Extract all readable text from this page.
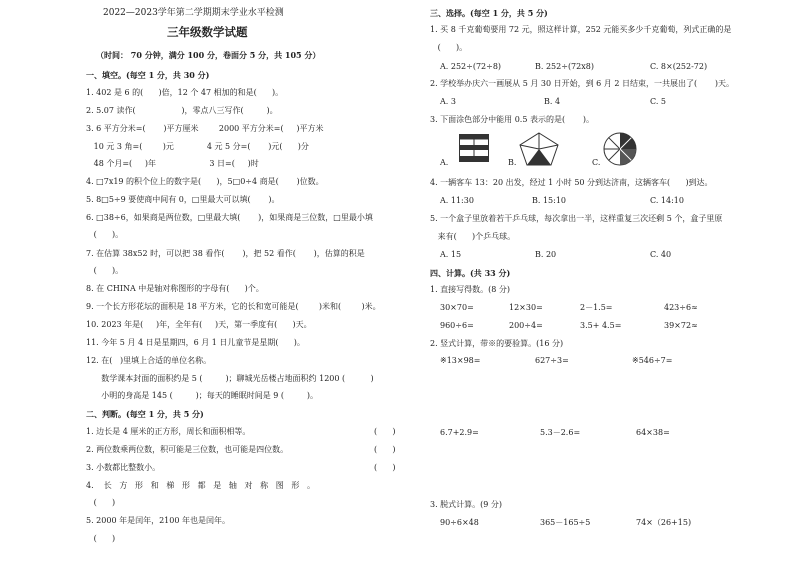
2022—2023学年第二学期期末学业水平检测
三年级数学试题
（时间： 70 分钟，满分 100 分，卷面分 5 分，共 105 分）
一、填空。(每空 1 分，共 30 分)
1. 402 是 6 的(      )倍，12 个 47 相加的和是(      )。
2. 5.07 读作(                  )，零点八三写作(         )。
3. 6 平方分米=(       )平方厘米        2000 平方分米=(     )平方米
10 元 3 角=(        )元             4 元 5 分=(       )元(      )分
48 个月=(     )年                     3 日=(     )时
4. □7x19 的积个位上的数字是(      )，5□0÷4 商是(       )位数。
5. 8□5÷9 要使商中间有 0，□里最大可以填(       )。
6. □38÷6，如果商是两位数，□里最大填(       )，如果商是三位数，□里最小填
(      )。
7. 在估算 38x52 时，可以把 38 看作(       )，把 52 看作(       )，估算的积是
(      )。
8. 在 CHINA 中是轴对称图形的字母有(      )个。
9. 一个长方形花坛的面积是 18 平方米，它的长和宽可能是(        )米和(        )米。
10. 2023 年是(     )年，全年有(     )天，第一季度有(      )天。
11. 今年 5 月 4 日是星期四，6 月 1 日儿童节是星期(      )。
12. 在(   )里填上合适的单位名称。
数学课本封面的面积约是 5 (         )；聊城光岳楼占地面积约 1200 (          )
小明的身高是 145 (         )；每天的睡眠时间是 9 (         )。
二、判断。(每空 1 分，共 5 分)
1. 边长是 4 厘米的正方形，周长和面积相等。	(      )
2. 两位数乘两位数，积可能是三位数，也可能是四位数。	(      )
3. 小数都比整数小。	(      )
4.    长   方   形   和   梯   形   都   是   轴   对   称   图   形   。
(      )
5. 2000 年是闰年，2100 年也是闰年。
(      )
三、选择。(每空 1 分，共 5 分)
1. 买 8 千克葡萄要用 72 元，照这样计算，252 元能买多少千克葡萄，列式正确的是
(      )。
A. 252÷(72÷8)	B. 252÷(72x8)	C. 8×(252-72)
2. 学校举办庆六一画展从 5 月 30 日开始，到 6 月 2 日结束，一共展出了(       )天。
A. 3	B. 4	C. 5
3. 下面涂色部分中能用 0.5 表示的是(       )。
A.	B.	C.
4. 一辆客车 13：20 出发，经过 1 小时 50 分到达济南，这辆客车(      )到达。
A. 11:30	B. 15:10	C. 14:10
5. 一个盒子里放着若干乒乓球，每次拿出一半，这样重复三次还剩 5 个，盒子里原
来有(      )个乒乓球。
A. 15	B. 20	C. 40
四、计算。(共 33 分)
1. 直接写得数。(8 分)
30×70=	12×30=	2－1.5=	423÷6≈
960÷6=	200÷4=	3.5+ 4.5=	39×72≈
2. 竖式计算，带※的要验算。(16 分)
※13×98=	627÷3=	※546÷7=
6.7+2.9=	5.3－2.6=	64×38=
3. 脱式计算。(9 分)
90÷6×48	365－165÷5	74×（26+15)
